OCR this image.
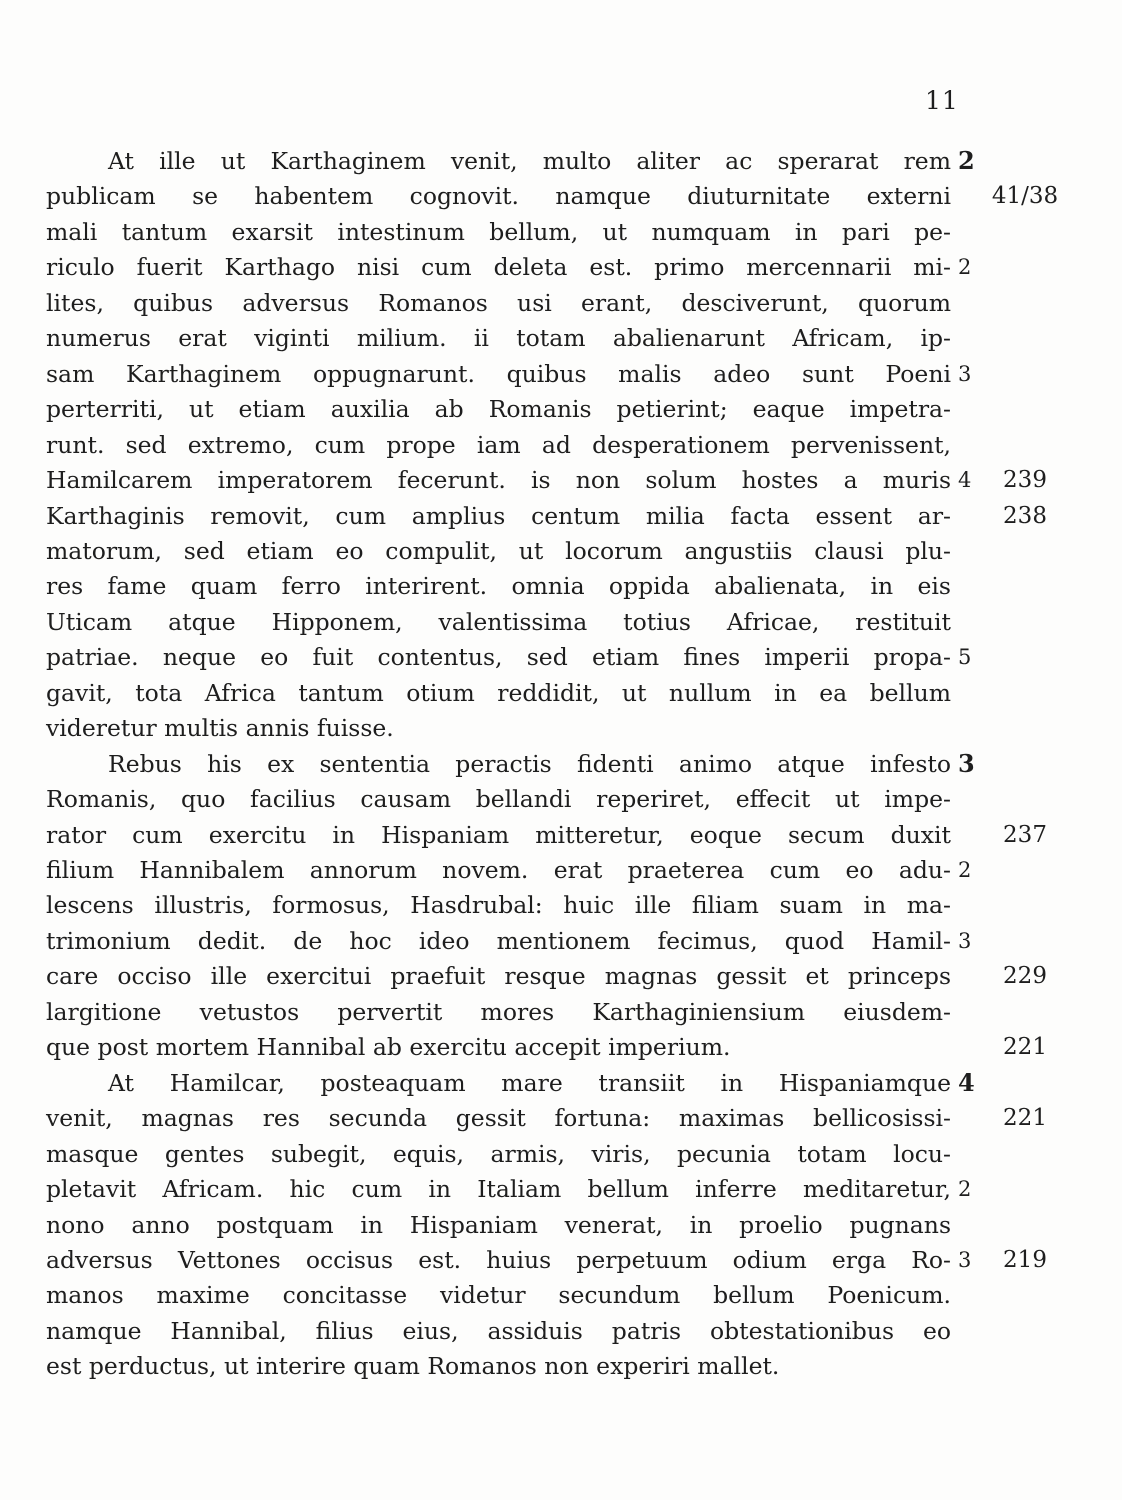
11
At ille ut Karthaginem venit, multo aliter ac sperarat rem 2
publicam se habentem cognovit. namque diuturnitate externi 41/38
mali tantum exarsit intestinum bellum, ut numquam in pari pe-
riculo fuerit Karthago nisi cum deleta est. primo mercennarii mi- 2
lites, quibus adversus Romanos usi erant, desciverunt, quorum
numerus erat viginti milium. ii totam abalienarunt Africam, ip-
sam Karthaginem oppugnarunt. quibus malis adeo sunt Poeni 3
perterriti, ut etiam auxilia ab Romanis petierint; eaque impetra-
runt. sed extremo, cum prope iam ad desperationem pervenissent,
Hamilcarem imperatorem fecerunt. is non solum hostes a muris 4	239
Karthaginis removit, cum amplius centum milia facta essent ar-	238
matorum, sed etiam eo compulit, ut locorum angustiis clausi plu-
res fame quam ferro interirent. omnia oppida abalienata, in eis
Uticam atque Hipponem, valentissima totius Africae, restituit
patriae. neque eo fuit contentus, sed etiam fines imperii propa- 5
gavit, tota Africa tantum otium reddidit, ut nullum in ea bellum
videretur multis annis fuisse.
Rebus his ex sententia peractis fidenti animo atque infesto 3
Romanis, quo facilius causam bellandi reperiret, effecit ut impe-
rator cum exercitu in Hispaniam mitteretur, eoque secum duxit	237
filium Hannibalem annorum novem. erat praeterea cum eo adu- 2
lescens illustris, formosus, Hasdrubal: huic ille filiam suam in ma-
trimonium dedit. de hoc ideo mentionem fecimus, quod Hamil- 3
care occiso ille exercitui praefuit resque magnas gessit et princeps	229
largitione vetustos pervertit mores Karthaginiensium eiusdem-
que post mortem Hannibal ab exercitu accepit imperium.	221
At Hamilcar, posteaquam mare transiit in Hispaniamque 4
venit, magnas res secunda gessit fortuna: maximas bellicosissi-	221
masque gentes subegit, equis, armis, viris, pecunia totam locu-
pletavit Africam. hic cum in Italiam bellum inferre meditaretur, 2
nono anno postquam in Hispaniam venerat, in proelio pugnans
adversus Vettones occisus est. huius perpetuum odium erga Ro- 3	219
manos maxime concitasse videtur secundum bellum Poenicum.
namque Hannibal, filius eius, assiduis patris obtestationibus eo
est perductus, ut interire quam Romanos non experiri mallet.
